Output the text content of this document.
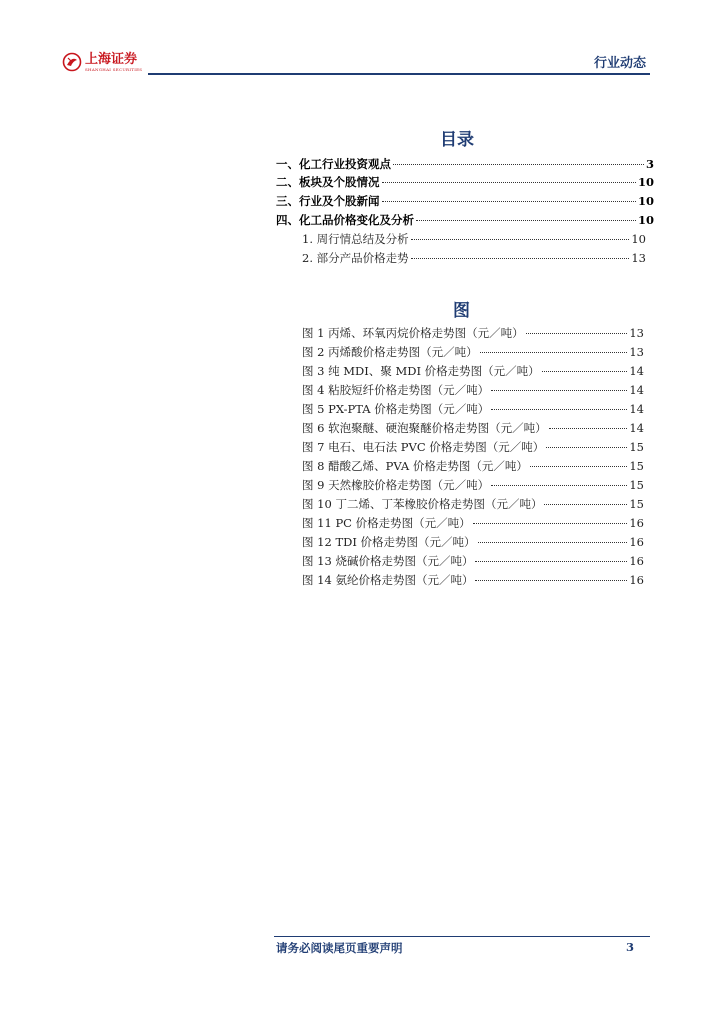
上海证券
SHANGHAI SECURITIES	行业动态
目录
一、化工行业投资观点	3
二、板块及个股情况	10
三、行业及个股新闻	10
四、化工品价格变化及分析	10
1. 周行情总结及分析	10
2. 部分产品价格走势	13
图
图 1 丙烯、环氧丙烷价格走势图（元／吨）	13
图 2 丙烯酸价格走势图（元／吨）	13
图 3 纯 MDI、聚 MDI 价格走势图（元／吨）	14
图 4 粘胶短纤价格走势图（元／吨）	14
图 5 PX-PTA 价格走势图（元／吨）	14
图 6 软泡聚醚、硬泡聚醚价格走势图（元／吨）	14
图 7 电石、电石法 PVC 价格走势图（元／吨）	15
图 8 醋酸乙烯、PVA 价格走势图（元／吨）	15
图 9 天然橡胶价格走势图（元／吨）	15
图 10 丁二烯、丁苯橡胶价格走势图（元／吨）	15
图 11 PC 价格走势图（元／吨）	16
图 12 TDI 价格走势图（元／吨）	16
图 13 烧碱价格走势图（元／吨）	16
图 14 氨纶价格走势图（元／吨）	16
请务必阅读尾页重要声明	3
